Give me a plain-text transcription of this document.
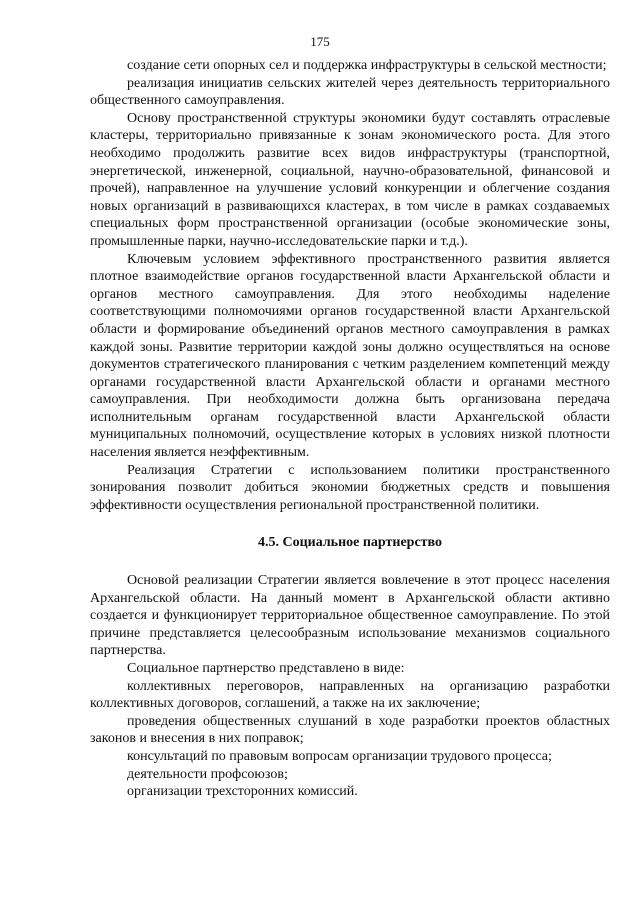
175

создание сети опорных сел и поддержка инфраструктуры в сельской местности;

реализация инициатив сельских жителей через деятельность территориального общественного самоуправления.

Основу пространственной структуры экономики будут составлять отраслевые кластеры, территориально привязанные к зонам экономического роста. Для этого необходимо продолжить развитие всех видов инфраструктуры (транспортной, энергетической, инженерной, социальной, научно-образовательной, финансовой и прочей), направленное на улучшение условий конкуренции и облегчение создания новых организаций в развивающихся кластерах, в том числе в рамках создаваемых специальных форм пространственной организации (особые экономические зоны, промышленные парки, научно-исследовательские парки и т.д.).

Ключевым условием эффективного пространственного развития является плотное взаимодействие органов государственной власти Архангельской области и органов местного самоуправления. Для этого необходимы наделение соответствующими полномочиями органов государственной власти Архангельской области и формирование объединений органов местного самоуправления в рамках каждой зоны. Развитие территории каждой зоны должно осуществляться на основе документов стратегического планирования с четким разделением компетенций между органами государственной власти Архангельской области и органами местного самоуправления. При необходимости должна быть организована передача исполнительным органам государственной власти Архангельской области муниципальных полномочий, осуществление которых в условиях низкой плотности населения является неэффективным.

Реализация Стратегии с использованием политики пространственного зонирования позволит добиться экономии бюджетных средств и повышения эффективности осуществления региональной пространственной политики.

4.5. Социальное партнерство

Основой реализации Стратегии является вовлечение в этот процесс населения Архангельской области. На данный момент в Архангельской области активно создается и функционирует территориальное общественное самоуправление. По этой причине представляется целесообразным использование механизмов социального партнерства.

Социальное партнерство представлено в виде:

коллективных переговоров, направленных на организацию разработки коллективных договоров, соглашений, а также на их заключение;

проведения общественных слушаний в ходе разработки проектов областных законов и внесения в них поправок;

консультаций по правовым вопросам организации трудового процесса;

деятельности профсоюзов;

организации трехсторонних комиссий.
